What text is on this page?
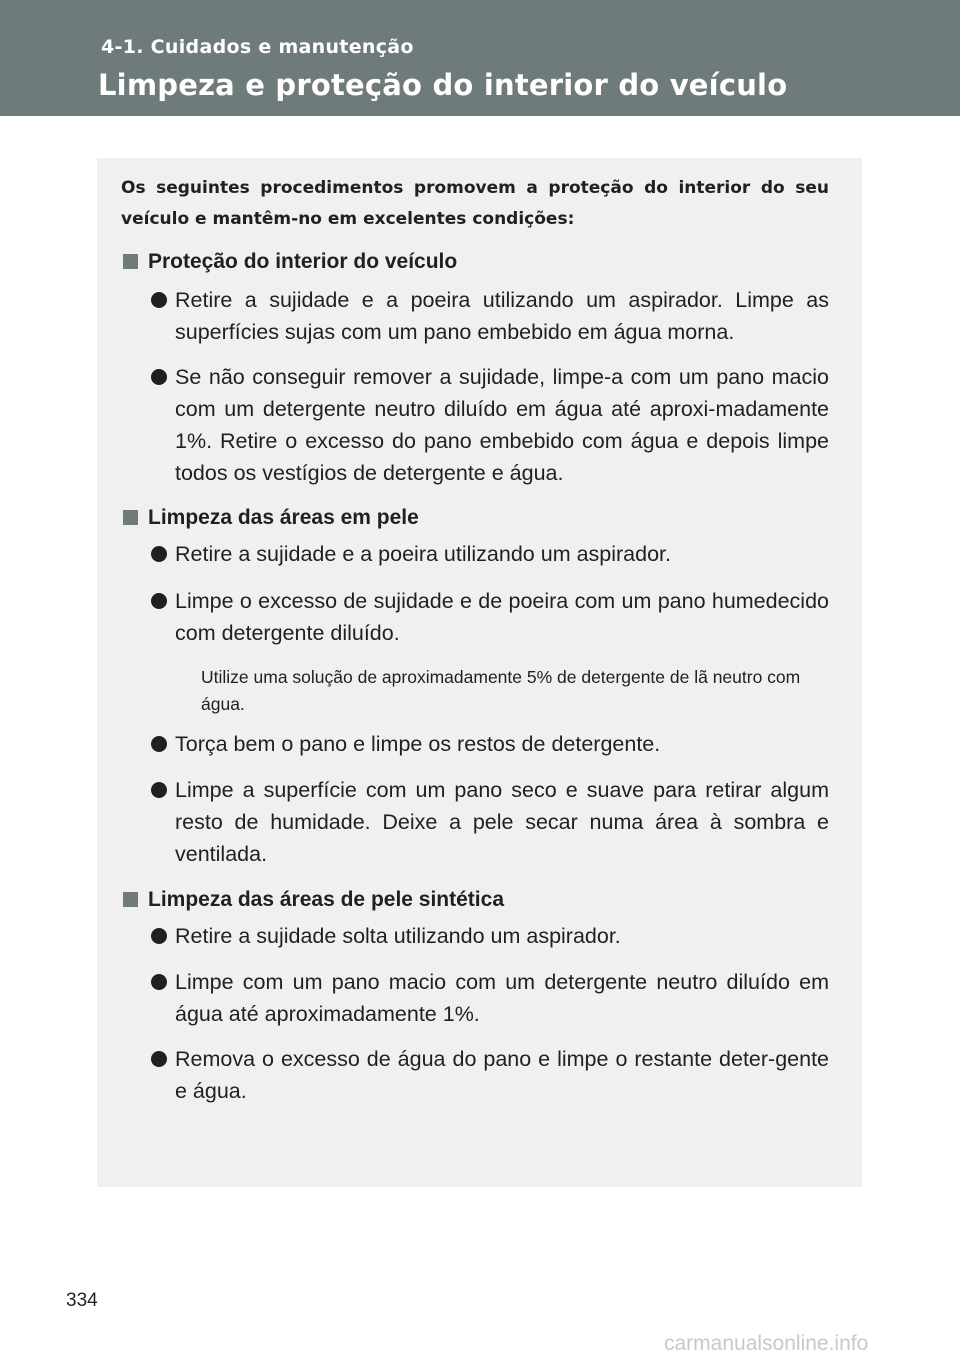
4-1. Cuidados e manutenção
Limpeza e proteção do interior do veículo

Os seguintes procedimentos promovem a proteção do interior do seu veículo e mantêm-no em excelentes condições:

Proteção do interior do veículo

Retire a sujidade e a poeira utilizando um aspirador. Limpe as superfícies sujas com um pano embebido em água morna.

Se não conseguir remover a sujidade, limpe-a com um pano macio com um detergente neutro diluído em água até aproxi-madamente 1%. Retire o excesso do pano embebido com água e depois limpe todos os vestígios de detergente e água.

Limpeza das áreas em pele

Retire a sujidade e a poeira utilizando um aspirador.

Limpe o excesso de sujidade e de poeira com um pano humedecido com detergente diluído.

Utilize uma solução de aproximadamente 5% de detergente de lã neutro com água.

Torça bem o pano e limpe os restos de detergente.

Limpe a superfície com um pano seco e suave para retirar algum resto de humidade. Deixe a pele secar numa área à sombra e ventilada.

Limpeza das áreas de pele sintética

Retire a sujidade solta utilizando um aspirador.

Limpe com um pano macio com um detergente neutro diluído em água até aproximadamente 1%.

Remova o excesso de água do pano e limpe o restante deter-gente e água.

334
carmanualsonline.info
